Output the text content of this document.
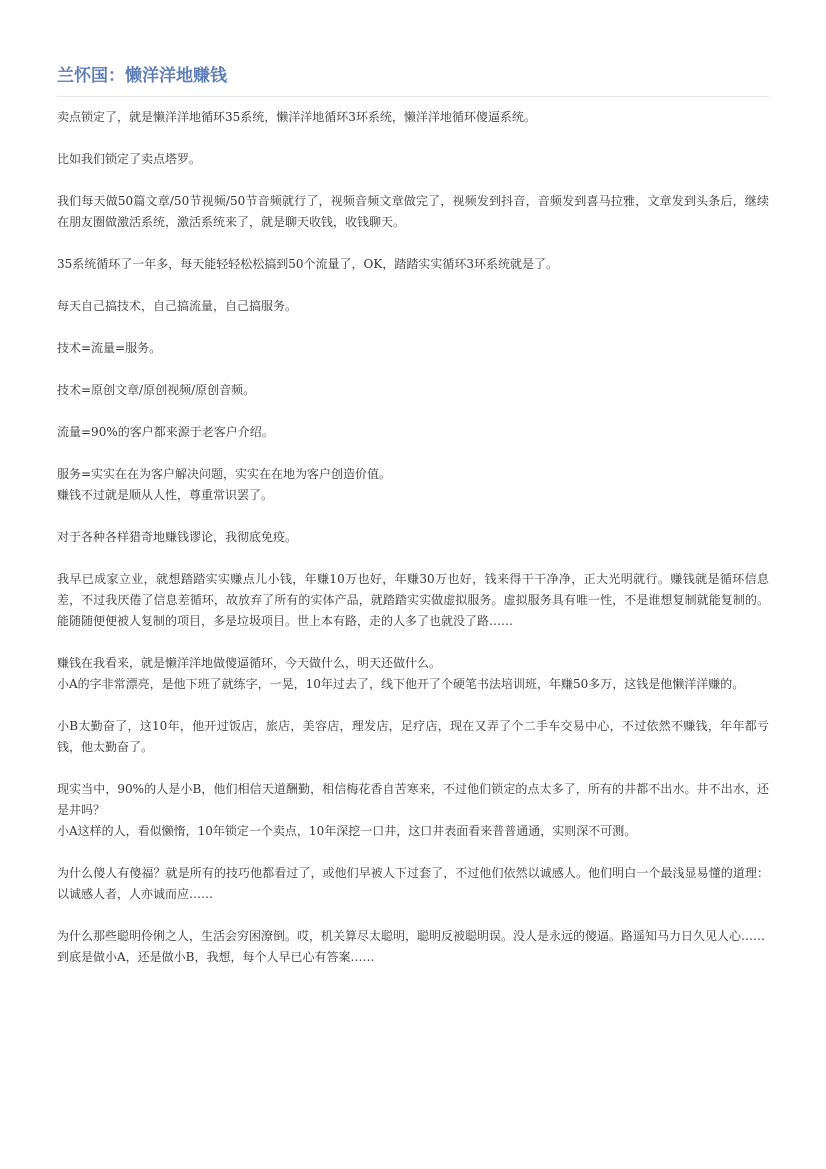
兰怀国：懒洋洋地赚钱

卖点锁定了，就是懒洋洋地循环35系统，懒洋洋地循环3环系统，懒洋洋地循环傻逼系统。

比如我们锁定了卖点塔罗。

我们每天做50篇文章/50节视频/50节音频就行了，视频音频文章做完了，视频发到抖音，音频发到喜马拉雅，文章发到头条后，继续在朋友圈做激活系统，激活系统来了，就是聊天收钱，收钱聊天。

35系统循环了一年多，每天能轻轻松松搞到50个流量了，OK，踏踏实实循环3环系统就是了。

每天自己搞技术，自己搞流量，自己搞服务。

技术=流量=服务。

技术=原创文章/原创视频/原创音频。

流量=90%的客户都来源于老客户介绍。

服务=实实在在为客户解决问题，实实在在地为客户创造价值。
赚钱不过就是顺从人性，尊重常识罢了。

对于各种各样猎奇地赚钱谬论，我彻底免疫。

我早已成家立业，就想踏踏实实赚点儿小钱，年赚10万也好，年赚30万也好，钱来得干干净净，正大光明就行。赚钱就是循环信息差，不过我厌倦了信息差循环，故放弃了所有的实体产品，就踏踏实实做虚拟服务。虚拟服务具有唯一性，不是谁想复制就能复制的。能随随便便被人复制的项目，多是垃圾项目。世上本有路，走的人多了也就没了路……

赚钱在我看来，就是懒洋洋地做傻逼循环，今天做什么，明天还做什么。
小A的字非常漂亮，是他下班了就练字，一晃，10年过去了，线下他开了个硬笔书法培训班，年赚50多万，这钱是他懒洋洋赚的。

小B太勤奋了，这10年，他开过饭店，旅店，美容店，理发店，足疗店，现在又弄了个二手车交易中心，不过依然不赚钱，年年都亏钱，他太勤奋了。

现实当中，90%的人是小B，他们相信天道酬勤，相信梅花香自苦寒来，不过他们锁定的点太多了，所有的井都不出水。井不出水，还是井吗？
小A这样的人，看似懒惰，10年锁定一个卖点，10年深挖一口井，这口井表面看来普普通通，实则深不可测。

为什么傻人有傻福？就是所有的技巧他都看过了，或他们早被人下过套了，不过他们依然以诚感人。他们明白一个最浅显易懂的道理：以诚感人者，人亦诚而应……

为什么那些聪明伶俐之人，生活会穷困潦倒。哎，机关算尽太聪明，聪明反被聪明误。没人是永远的傻逼。路遥知马力日久见人心……
到底是做小A，还是做小B，我想，每个人早已心有答案……
